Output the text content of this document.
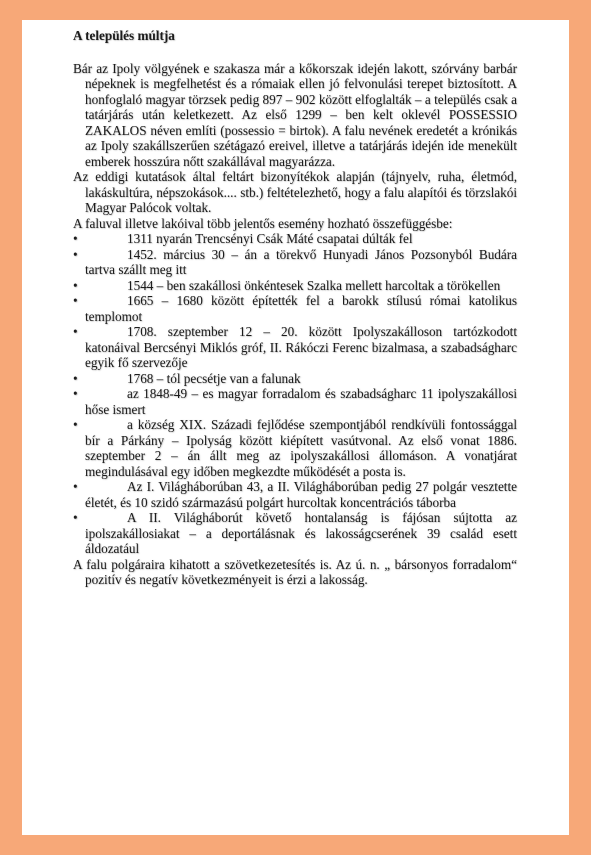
A település múltja

Bár az Ipoly völgyének e szakasza már a kőkorszak idején lakott, szórvány barbár népeknek is megfelhetést és a rómaiak ellen jó felvonulási terepet biztosított. A honfoglaló magyar törzsek pedig 897 – 902 között elfoglalták – a település csak a tatárjárás után keletkezett. Az első 1299 – ben kelt oklevél POSSESSIO ZAKALOS néven említi (possessio = birtok). A falu nevének eredetét a krónikás az Ipoly szakállszerűen szétágazó ereivel, illetve a tatárjárás idején ide menekült emberek hosszúra nőtt szakállával magyarázza.

Az eddigi kutatások által feltárt bizonyítékok alapján (tájnyelv, ruha, életmód, lakáskultúra, népszokások.... stb.) feltételezhető, hogy a falu alapítói és törzslakói Magyar Palócok voltak.

A faluval illetve lakóival több jelentős esemény hozható összefüggésbe:

•	1311 nyarán Trencsényi Csák Máté csapatai dúlták fel
•	1452. március 30 – án a törekvő Hunyadi János Pozsonyból Budára tartva szállt meg itt
•	1544 – ben szakállosi önkéntesek Szalka mellett harcoltak a törökellen
•	1665 – 1680 között építették fel a barokk stílusú római katolikus templomot
•	1708. szeptember 12 – 20. között Ipolyszakálloson tartózkodott katonáival Bercsényi Miklós gróf, II. Rákóczi Ferenc bizalmasa, a szabadságharc egyik fő szervezője
•	1768 – tól pecsétje van a falunak
•	az 1848-49 – es magyar forradalom és szabadságharc 11 ipolyszakállosi hőse ismert
•	a község XIX. Századi fejlődése szempontjából rendkívüli fontossággal bír a Párkány – Ipolyság között kiépített vasútvonal. Az első vonat 1886. szeptember 2 – án állt meg az ipolyszakállosi állomáson. A vonatjárat megindulásával egy időben megkezdte működését a posta is.
•	Az I. Világháborúban 43, a II. Világháborúban pedig 27 polgár vesztette életét, és 10 szidó származású polgárt hurcoltak koncentrációs táborba
•	A II. Világháborút követő hontalanság is fájósan sújtotta az ipolszakállosiakat – a deportálásnak és lakosságcserének 39 család esett áldozatául

A falu polgáraira kihatott a szövetkezetesítés is. Az ú. n. „ bársonyos forradalom“ pozitív és negatív következményeit is érzi a lakosság.
